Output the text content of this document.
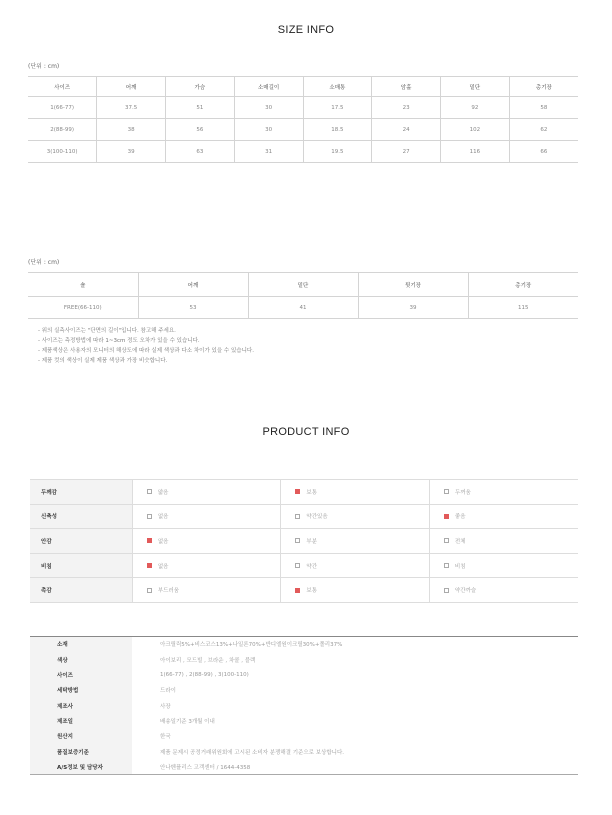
SIZE INFO
(단위 : cm)
사이즈	어깨	가슴	소매길이	소매통	암홀	밑단	총기장
1(66-77)	37.5	51	30	17.5	23	92	58
2(88-99)	38	56	30	18.5	24	102	62
3(100-110)	39	63	31	19.5	27	116	66
(단위 : cm)
숄	어깨	밑단	뒷기장	총기장
FREE(66-110)	53	41	39	115
- 위의 실측사이즈는 "단면의 길이"입니다. 참고해 주세요.
- 사이즈는 측정방법에 따라 1~3cm 정도 오차가 있을 수 있습니다.
- 제품색상은 사용자의 모니터의 해상도에 따라 실제 색상과 다소 차이가 있을 수 있습니다.
- 제품 컷의 색상이 실제 제품 색상과 가장 비슷합니다.
PRODUCT INFO
두께감	얇음	보통	두꺼움
신축성	없음	약간있음	좋음
안감	없음	부분	전체
비침	없음	약간	비침
촉감	부드러움	보통	약간까슬
소재	아크릴릭5%+비스코스13%+나일론70%+반디엘원이크릴30%+폴리37%
색상	아이보리 , 모드빌 , 브라운 , 차콜 , 블랙
사이즈	1(66-77) , 2(88-99) , 3(100-110)
세탁방법	드라이
제조사	사장
제조일	배송일기준 3개월 이내
원산지	한국
품질보증기준	제품 문제시 공정거래위원회에 고시된 소비자 분쟁해결 기준으로 보상합니다.
A/S정보 및 담당자	안나벤플리스 고객센터 / 1644-4358
